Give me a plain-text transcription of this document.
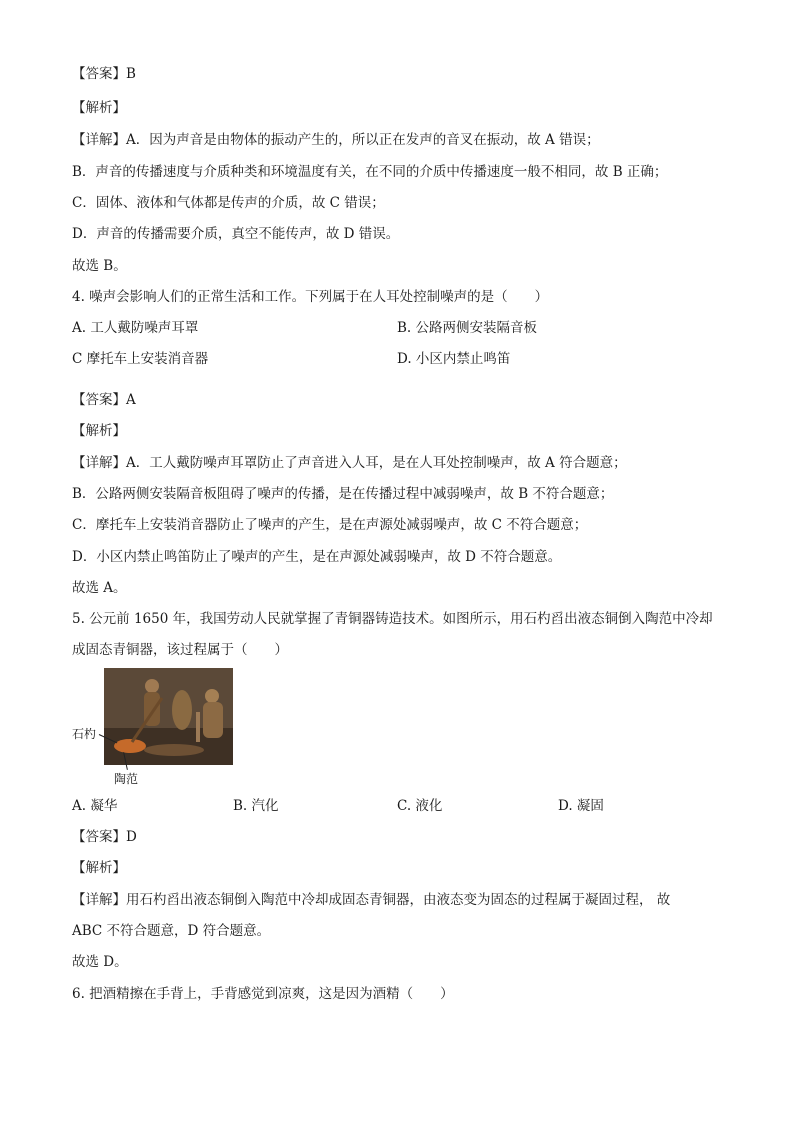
【答案】B
【解析】
【详解】A．因为声音是由物体的振动产生的，所以正在发声的音叉在振动，故 A 错误；
B．声音的传播速度与介质种类和环境温度有关，在不同的介质中传播速度一般不相同，故 B 正确；
C．固体、液体和气体都是传声的介质，故 C 错误；
D．声音的传播需要介质，真空不能传声，故 D 错误。
故选 B。
4. 噪声会影响人们的正常生活和工作。下列属于在人耳处控制噪声的是（　　）
A. 工人戴防噪声耳罩	B. 公路两侧安装隔音板
C 摩托车上安装消音器	D. 小区内禁止鸣笛
【答案】A
【解析】
【详解】A．工人戴防噪声耳罩防止了声音进入人耳，是在人耳处控制噪声，故 A 符合题意；
B．公路两侧安装隔音板阻碍了噪声的传播，是在传播过程中减弱噪声，故 B 不符合题意；
C．摩托车上安装消音器防止了噪声的产生，是在声源处减弱噪声，故 C 不符合题意；
D．小区内禁止鸣笛防止了噪声的产生，是在声源处减弱噪声，故 D 不符合题意。
故选 A。
5. 公元前 1650 年，我国劳动人民就掌握了青铜器铸造技术。如图所示，用石杓舀出液态铜倒入陶范中冷却
成固态青铜器，该过程属于（　　）
石杓
陶范
A. 凝华	B. 汽化	C. 液化	D. 凝固
【答案】D
【解析】
【详解】用石杓舀出液态铜倒入陶范中冷却成固态青铜器，由液态变为固态的过程属于凝固过程， 故
ABC 不符合题意，D 符合题意。
故选 D。
6. 把酒精擦在手背上，手背感觉到凉爽，这是因为酒精（　　）
